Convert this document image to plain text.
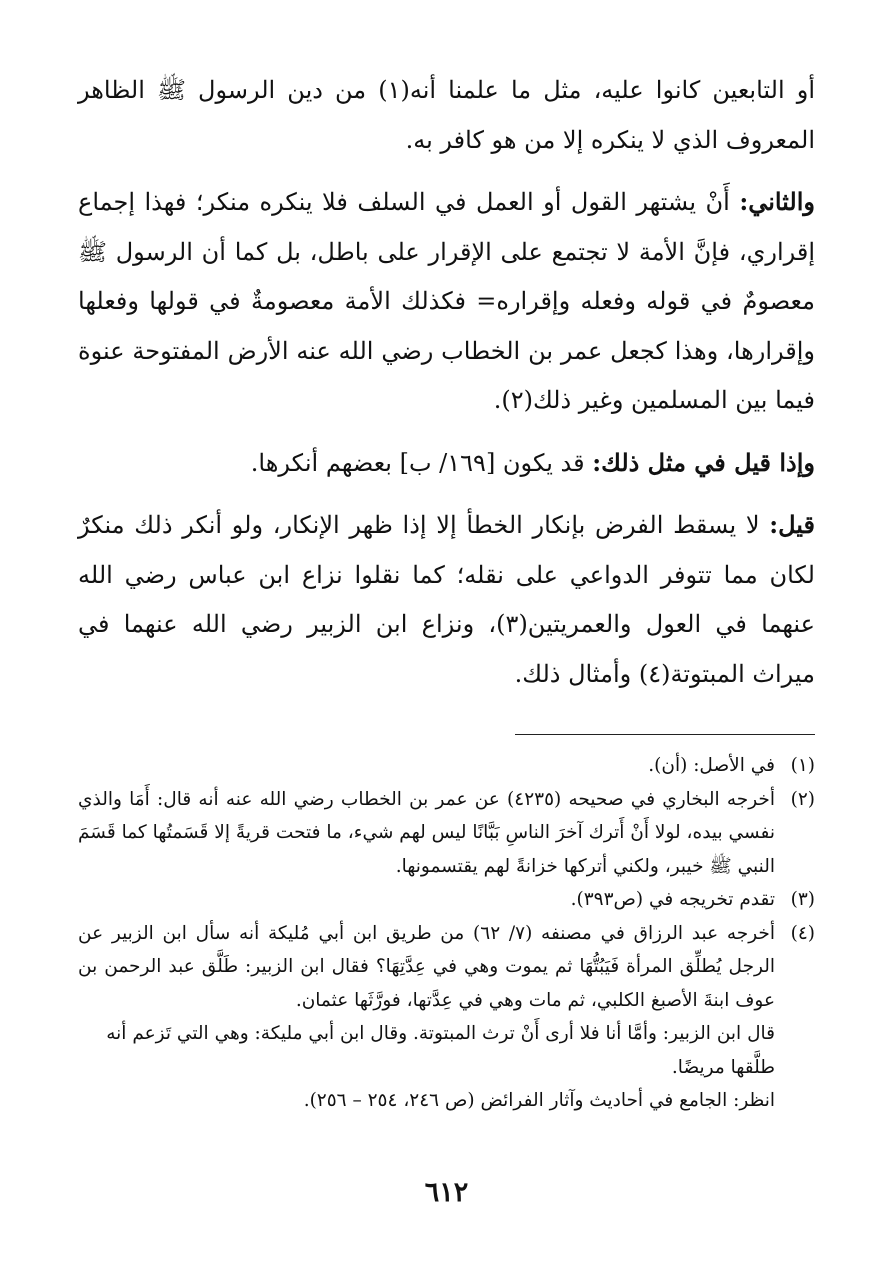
أو التابعين كانوا عليه، مثل ما علمنا أنه(١) من دين الرسول ﷺ الظاهر المعروف الذي لا ينكره إلا من هو كافر به.

والثاني: أَنْ يشتهر القول أو العمل في السلف فلا ينكره منكر؛ فهذا إجماع إقراري، فإنَّ الأمة لا تجتمع على الإقرار على باطل، بل كما أن الرسول ﷺ معصومٌ في قوله وفعله وإقراره= فكذلك الأمة معصومةٌ في قولها وفعلها وإقرارها، وهذا كجعل عمر بن الخطاب رضي الله عنه الأرض المفتوحة عنوة فيما بين المسلمين وغير ذلك(٢).

وإذا قيل في مثل ذلك: قد يكون [١٦٩/ ب] بعضهم أنكرها.

قيل: لا يسقط الفرض بإنكار الخطأ إلا إذا ظهر الإنكار، ولو أنكر ذلك منكرٌ لكان مما تتوفر الدواعي على نقله؛ كما نقلوا نزاع ابن عباس رضي الله عنهما في العول والعمريتين(٣)، ونزاع ابن الزبير رضي الله عنهما في ميراث المبتوتة(٤) وأمثال ذلك.

(١)
في الأصل: (أن).
(٢)
أخرجه البخاري في صحيحه (٤٢٣٥) عن عمر بن الخطاب رضي الله عنه أنه قال: أَمَا والذي نفسي بيده، لولا أَنْ أَترك آخرَ الناسِ بَبَّانًا ليس لهم شيء، ما فتحت قريةً إلا قَسَمتُها كما قَسَمَ النبي ﷺ خيبر، ولكني أتركها خزانةً لهم يقتسمونها.
(٣)
تقدم تخريجه في (ص٣٩٣).
(٤)
أخرجه عبد الرزاق في مصنفه (٧/ ٦٢) من طريق ابن أبي مُليكة أنه سأل ابن الزبير عن الرجل يُطلِّق المرأة فَيَبُتُّهَا ثم يموت وهي في عِدَّتِهَا؟ فقال ابن الزبير: طَلَّق عبد الرحمن بن عوف ابنةَ الأصبغ الكلبي، ثم مات وهي في عِدَّتها، فورَّثَها عثمان.
قال ابن الزبير: وأمَّا أنا فلا أرى أَنْ ترث المبتوتة. وقال ابن أبي مليكة: وهي التي تَزعم أنه طلَّقها مريضًا.
انظر: الجامع في أحاديث وآثار الفرائض (ص ٢٤٦، ٢٥٤ – ٢٥٦).
٦١٢
